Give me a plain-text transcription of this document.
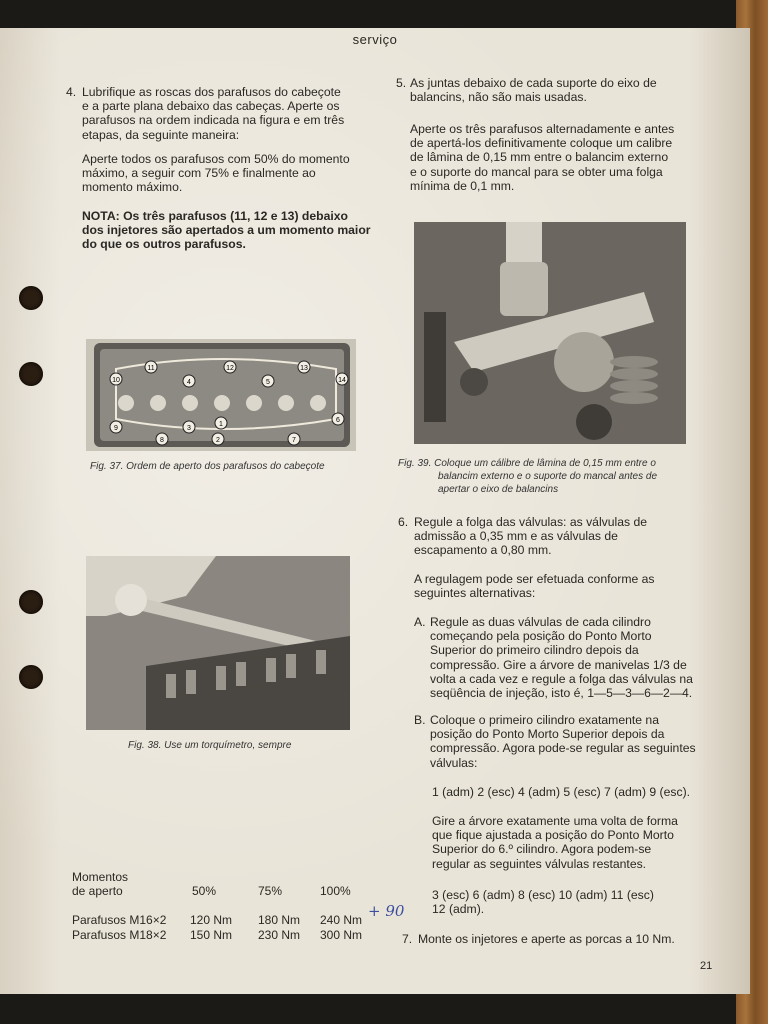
serviço
4. Lubrifique as roscas dos parafusos do cabeçote
e a parte plana debaixo das cabeças. Aperte os
parafusos na ordem indicada na figura e em três
etapas, da seguinte maneira:
Aperte todos os parafusos com 50% do momento
máximo, a seguir com 75% e finalmente ao
momento máximo.
NOTA: Os três parafusos (11, 12 e 13) debaixo
dos injetores são apertados a um momento maior
do que os outros parafusos.
1
2
3
4	5
6
7
8
9
10
11	12	13
14
Fig. 37. Ordem de aperto dos parafusos do cabeçote
Fig. 38. Use um torquímetro, sempre
Momentos
de aperto	50%	75%	100%
Parafusos M16×2 120 Nm 180 Nm 240 Nm
Parafusos M18×2 150 Nm 230 Nm 300 Nm
+ 90
5. As juntas debaixo de cada suporte do eixo de
balancins, não são mais usadas.
Aperte os três parafusos alternadamente e antes
de apertá-los definitivamente coloque um calibre
de lâmina de 0,15 mm entre o balancim externo
e o suporte do mancal para se obter uma folga
mínima de 0,1 mm.
Fig. 39. Coloque um cálibre de lâmina de 0,15 mm entre o
balancim externo e o suporte do mancal antes de
apertar o eixo de balancins
6. Regule a folga das válvulas: as válvulas de
admissão a 0,35 mm e as válvulas de
escapamento a 0,80 mm.
A regulagem pode ser efetuada conforme as
seguintes alternativas:
A. Regule as duas válvulas de cada cilindro
começando pela posição do Ponto Morto
Superior do primeiro cilindro depois da
compressão. Gire a árvore de manivelas 1/3 de
volta a cada vez e regule a folga das válvulas na
seqüência de injeção, isto é, 1—5—3—6—2—4.
B. Coloque o primeiro cilindro exatamente na
posição do Ponto Morto Superior depois da
compressão. Agora pode-se regular as seguintes
válvulas:
1 (adm) 2 (esc) 4 (adm) 5 (esc) 7 (adm) 9 (esc).
Gire a árvore exatamente uma volta de forma
que fique ajustada a posição do Ponto Morto
Superior do 6.º cilindro. Agora podem-se
regular as seguintes válvulas restantes.
3 (esc) 6 (adm) 8 (esc) 10 (adm) 11 (esc)
12 (adm).
7. Monte os injetores e aperte as porcas a 10 Nm.
21
